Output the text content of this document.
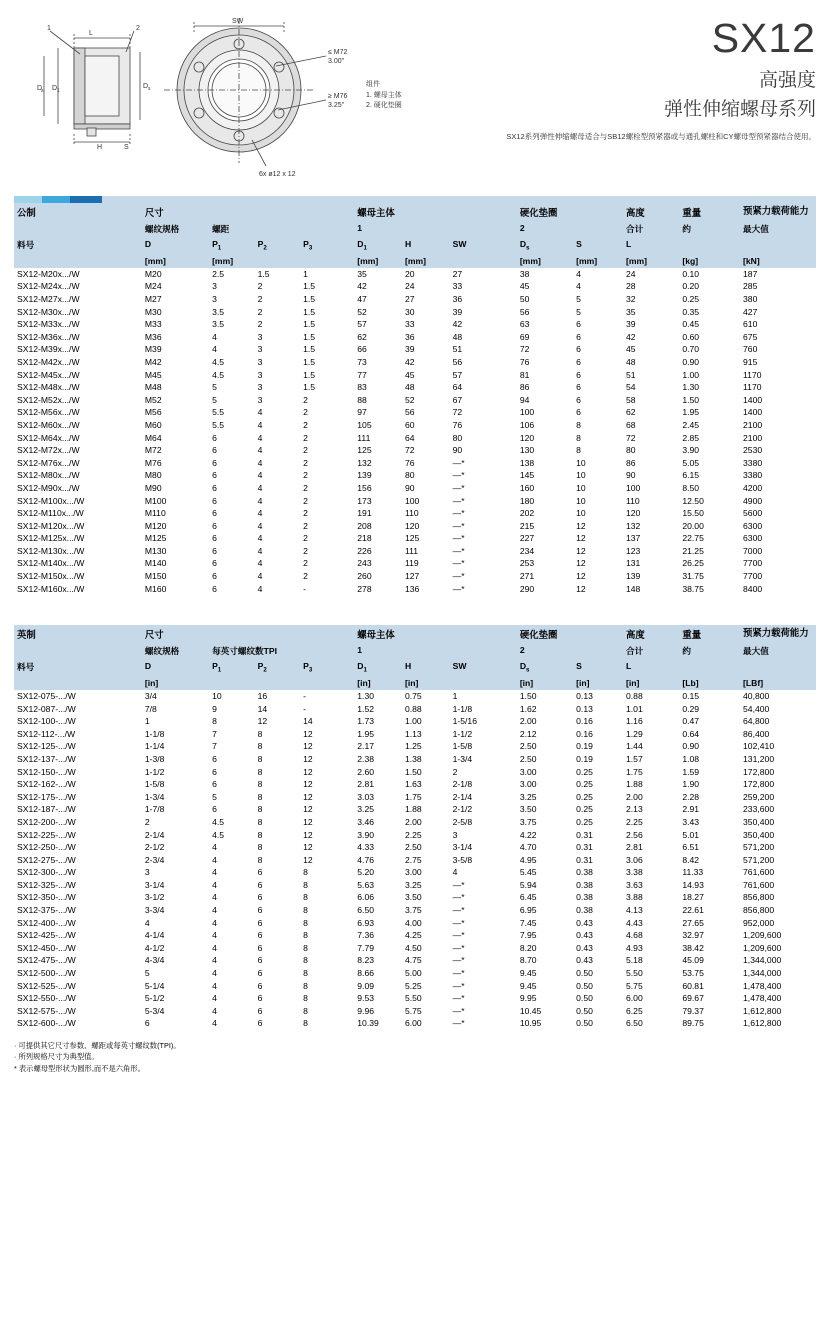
L
1	2
D 1
D
s
D s
H	S
SW
≤ M72
3.00"
≥ M76
3.25"
6x ø12 x 12
组件
1. 螺母主体
2. 硬化垫圈
SX12
高强度
弹性伸缩螺母系列
SX12系列弹性伸缩螺母适合与SB12螺栓型预紧器或与通孔螺柱和CY螺母型预紧器结合使用。
公制	尺寸				螺母主体			硬化垫圈		高度	重量	预紧力载荷能力
	螺纹规格	螺距			1			2		合计	约	最大值
料号	D	$P_1$	$P_2$	$P_3$	$D_1$	H	SW	$D_s$	S	L		
	[mm]	[mm]			[mm]	[mm]		[mm]	[mm]	[mm]	[kg]	[kN]
SX12-M20x.../W	M20	2.5	1.5	1	35	20	27	38	4	24	0.10	187
SX12-M24x.../W	M24	3	2	1.5	42	24	33	45	4	28	0.20	285
SX12-M27x.../W	M27	3	2	1.5	47	27	36	50	5	32	0.25	380
SX12-M30x.../W	M30	3.5	2	1.5	52	30	39	56	5	35	0.35	427
SX12-M33x.../W	M33	3.5	2	1.5	57	33	42	63	6	39	0.45	610
SX12-M36x.../W	M36	4	3	1.5	62	36	48	69	6	42	0.60	675
SX12-M39x.../W	M39	4	3	1.5	66	39	51	72	6	45	0.70	760
SX12-M42x.../W	M42	4.5	3	1.5	73	42	56	76	6	48	0.90	915
SX12-M45x.../W	M45	4.5	3	1.5	77	45	57	81	6	51	1.00	1170
SX12-M48x.../W	M48	5	3	1.5	83	48	64	86	6	54	1.30	1170
SX12-M52x.../W	M52	5	3	2	88	52	67	94	6	58	1.50	1400
SX12-M56x.../W	M56	5.5	4	2	97	56	72	100	6	62	1.95	1400
SX12-M60x.../W	M60	5.5	4	2	105	60	76	106	8	68	2.45	2100
SX12-M64x.../W	M64	6	4	2	111	64	80	120	8	72	2.85	2100
SX12-M72x.../W	M72	6	4	2	125	72	90	130	8	80	3.90	2530
SX12-M76x.../W	M76	6	4	2	132	76	—*	138	10	86	5.05	3380
SX12-M80x.../W	M80	6	4	2	139	80	—*	145	10	90	6.15	3380
SX12-M90x.../W	M90	6	4	2	156	90	—*	160	10	100	8.50	4200
SX12-M100x.../W	M100	6	4	2	173	100	—*	180	10	110	12.50	4900
SX12-M110x.../W	M110	6	4	2	191	110	—*	202	10	120	15.50	5600
SX12-M120x.../W	M120	6	4	2	208	120	—*	215	12	132	20.00	6300
SX12-M125x.../W	M125	6	4	2	218	125	—*	227	12	137	22.75	6300
SX12-M130x.../W	M130	6	4	2	226	111	—*	234	12	123	21.25	7000
SX12-M140x.../W	M140	6	4	2	243	119	—*	253	12	131	26.25	7700
SX12-M150x.../W	M150	6	4	2	260	127	—*	271	12	139	31.75	7700
SX12-M160x.../W	M160	6	4	-	278	136	—*	290	12	148	38.75	8400
英制	尺寸				螺母主体			硬化垫圈		高度	重量	预紧力载荷能力
	螺纹规格	每英寸螺纹数TPI			1			2		合计	约	最大值
料号	D	$P_1$	$P_2$	$P_3$	$D_1$	H	SW	$D_s$	S	L		
	[in]				[in]	[in]		[in]	[in]	[in]	[Lb]	[LBf]
SX12-075-.../W	3/4	10	16	-	1.30	0.75	1	1.50	0.13	0.88	0.15	40,800
SX12-087-.../W	7/8	9	14	-	1.52	0.88	1-1/8	1.62	0.13	1.01	0.29	54,400
SX12-100-.../W	1	8	12	14	1.73	1.00	1-5/16	2.00	0.16	1.16	0.47	64,800
SX12-112-.../W	1-1/8	7	8	12	1.95	1.13	1-1/2	2.12	0.16	1.29	0.64	86,400
SX12-125-.../W	1-1/4	7	8	12	2.17	1.25	1-5/8	2.50	0.19	1.44	0.90	102,410
SX12-137-.../W	1-3/8	6	8	12	2.38	1.38	1-3/4	2.50	0.19	1.57	1.08	131,200
SX12-150-.../W	1-1/2	6	8	12	2.60	1.50	2	3.00	0.25	1.75	1.59	172,800
SX12-162-.../W	1-5/8	6	8	12	2.81	1.63	2-1/8	3.00	0.25	1.88	1.90	172,800
SX12-175-.../W	1-3/4	5	8	12	3.03	1.75	2-1/4	3.25	0.25	2.00	2.28	259,200
SX12-187-.../W	1-7/8	6	8	12	3.25	1.88	2-1/2	3.50	0.25	2.13	2.91	233,600
SX12-200-.../W	2	4.5	8	12	3.46	2.00	2-5/8	3.75	0.25	2.25	3.43	350,400
SX12-225-.../W	2-1/4	4.5	8	12	3.90	2.25	3	4.22	0.31	2.56	5.01	350,400
SX12-250-.../W	2-1/2	4	8	12	4.33	2.50	3-1/4	4.70	0.31	2.81	6.51	571,200
SX12-275-.../W	2-3/4	4	8	12	4.76	2.75	3-5/8	4.95	0.31	3.06	8.42	571,200
SX12-300-.../W	3	4	6	8	5.20	3.00	4	5.45	0.38	3.38	11.33	761,600
SX12-325-.../W	3-1/4	4	6	8	5.63	3.25	—*	5.94	0.38	3.63	14.93	761,600
SX12-350-.../W	3-1/2	4	6	8	6.06	3.50	—*	6.45	0.38	3.88	18.27	856,800
SX12-375-.../W	3-3/4	4	6	8	6.50	3.75	—*	6.95	0.38	4.13	22.61	856,800
SX12-400-.../W	4	4	6	8	6.93	4.00	—*	7.45	0.43	4.43	27.65	952,000
SX12-425-.../W	4-1/4	4	6	8	7.36	4.25	—*	7.95	0.43	4.68	32.97	1,209,600
SX12-450-.../W	4-1/2	4	6	8	7.79	4.50	—*	8.20	0.43	4.93	38.42	1,209,600
SX12-475-.../W	4-3/4	4	6	8	8.23	4.75	—*	8.70	0.43	5.18	45.09	1,344,000
SX12-500-.../W	5	4	6	8	8.66	5.00	—*	9.45	0.50	5.50	53.75	1,344,000
SX12-525-.../W	5-1/4	4	6	8	9.09	5.25	—*	9.45	0.50	5.75	60.81	1,478,400
SX12-550-.../W	5-1/2	4	6	8	9.53	5.50	—*	9.95	0.50	6.00	69.67	1,478,400
SX12-575-.../W	5-3/4	4	6	8	9.96	5.75	—*	10.45	0.50	6.25	79.37	1,612,800
SX12-600-.../W	6	4	6	8	10.39	6.00	—*	10.95	0.50	6.50	89.75	1,612,800
· 可提供其它尺寸参数、螺距或每英寸螺纹数(TPI)。
· 所列规格尺寸为典型值。
* 表示螺母型形状为圆形,而不是六角形。
